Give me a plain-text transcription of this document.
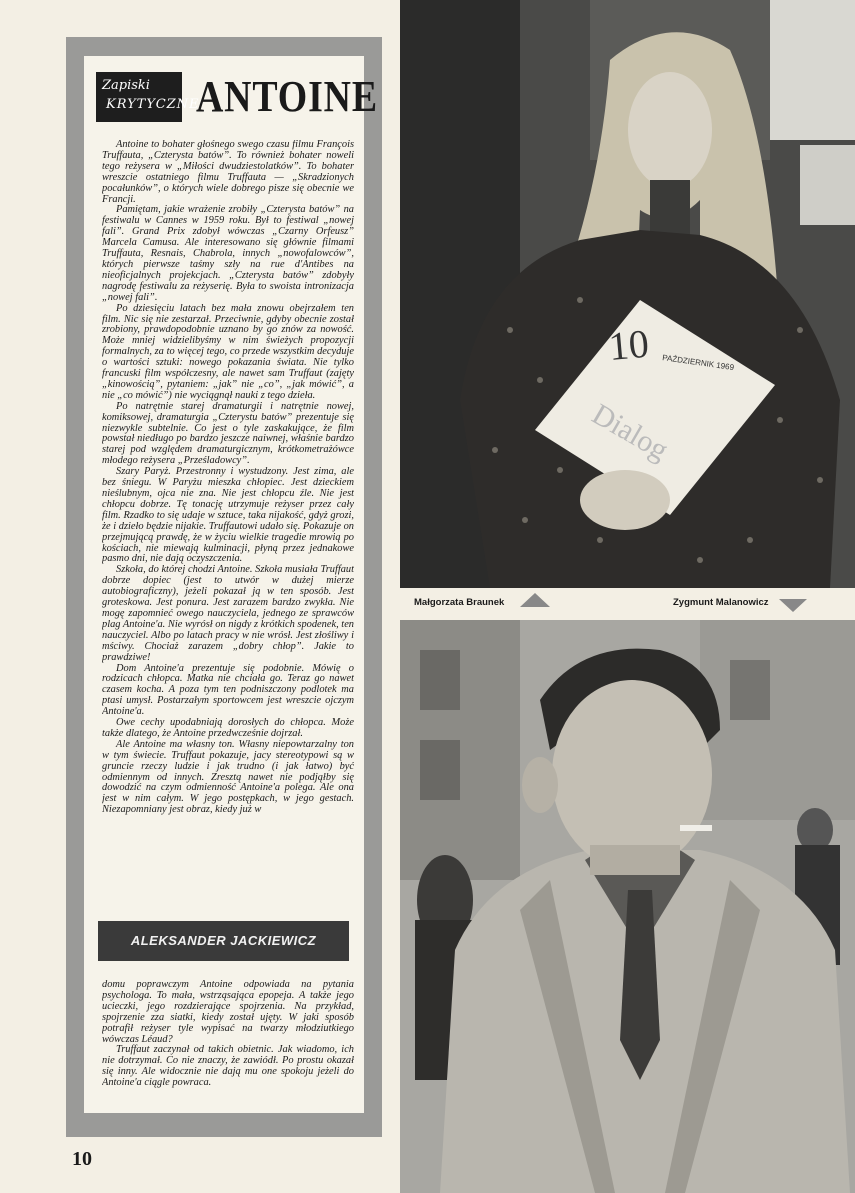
Zapiski
KRYTYCZNE
ANTOINE

Antoine to bohater głośnego swego czasu filmu François Truffauta, „Czterysta batów”. To również bohater noweli tego reżysera w „Miłości dwudziestolatków”. To bohater wreszcie ostatniego filmu Truffauta — „Skradzionych pocałunków”, o których wiele dobrego pisze się obecnie we Francji.

Pamiętam, jakie wrażenie zrobiły „Czterysta batów” na festiwalu w Cannes w 1959 roku. Był to festiwal „nowej fali”. Grand Prix zdobył wówczas „Czarny Orfeusz” Marcela Camusa. Ale interesowano się głównie filmami Truffauta, Resnais, Chabrola, innych „nowofalowców”, których pierwsze taśmy szły na rue d'Antibes na nieoficjalnych projekcjach. „Czterysta batów” zdobyły nagrodę festiwalu za reżyserię. Była to swoista intronizacja „nowej fali”.

Po dziesięciu latach bez mała znowu obejrzałem ten film. Nic się nie zestarzał. Przeciwnie, gdyby obecnie został zrobiony, prawdopodobnie uznano by go znów za nowość. Może mniej widzielibyśmy w nim świeżych propozycji formalnych, za to więcej tego, co przede wszystkim decyduje o wartości sztuki: nowego pokazania świata. Nie tylko francuski film współczesny, ale nawet sam Truffaut (zajęty „kinowością”, pytaniem: „jak” nie „co”, „jak mówić”, a nie „co mówić”) nie wyciągnął nauki z tego dzieła.

Po natrętnie starej dramaturgii i natrętnie nowej, komiksowej, dramaturgia „Czterystu batów” prezentuje się niezwykle subtelnie. Co jest o tyle zaskakujące, że film powstał niedługo po bardzo jeszcze naiwnej, właśnie bardzo starej pod względem dramaturgicznym, krótkometrażówce młodego reżysera „Prześladowcy”.

Szary Paryż. Przestronny i wystudzony. Jest zima, ale bez śniegu. W Paryżu mieszka chłopiec. Jest dzieckiem nieślubnym, ojca nie zna. Nie jest chłopcu źle. Nie jest chłopcu dobrze. Tę tonację utrzymuje reżyser przez cały film. Rzadko to się udaje w sztuce, taka nijakość, gdyż grozi, że i dzieło będzie nijakie. Truffautowi udało się. Pokazuje on przejmującą prawdę, że w życiu wielkie tragedie mrowią po kościach, nie miewają kulminacji, płyną przez jednakowe pasmo dni, nie dają oczyszczenia.

Szkoła, do której chodzi Antoine. Szkoła musiała Truffaut dobrze dopiec (jest to utwór w dużej mierze autobiograficzny), jeżeli pokazał ją w ten sposób. Jest groteskowa. Jest ponura. Jest zarazem bardzo zwykła. Nie mogę zapomnieć owego nauczyciela, jednego ze sprawców plag Antoine'a. Nie wyrósł on nigdy z krótkich spodenek, ten nauczyciel. Albo po latach pracy w nie wrósł. Jest złośliwy i mściwy. Chociaż zarazem „dobry chłop”. Jakie to prawdziwe!

Dom Antoine'a prezentuje się podobnie. Mówię o rodzicach chłopca. Matka nie chciała go. Teraz go nawet czasem kocha. A poza tym ten podniszczony podlotek ma ptasi umysł. Postarzałym sportowcem jest wreszcie ojczym Antoine'a.

Owe cechy upodabniają dorosłych do chłopca. Może także dlatego, że Antoine przedwcześnie dojrzał.

Ale Antoine ma własny ton. Własny niepowtarzalny ton w tym świecie. Truffaut pokazuje, jacy stereotypowi są w gruncie rzeczy ludzie i jak trudno (i jak łatwo) być odmiennym od innych. Zresztą nawet nie podjąłby się dowodzić na czym odmienność Antoine'a polega. Ale ona jest w nim całym. W jego postępkach, w jego gestach. Niezapomniany jest obraz, kiedy już w

ALEKSANDER JACKIEWICZ

domu poprawczym Antoine odpowiada na pytania psychologa. To mała, wstrząsająca epopeja. A także jego ucieczki, jego rozdzierające spojrzenia. Na przykład, spojrzenie zza siatki, kiedy został ujęty. W jaki sposób potrafił reżyser tyle wypisać na twarzy młodziutkiego wówczas Léaud?

Truffaut zaczynał od takich obietnic. Jak wiadomo, ich nie dotrzymał. Co nie znaczy, że zawiódł. Po prostu okazał się inny. Ale widocznie nie dają mu one spokoju jeżeli do Antoine'a ciągle powraca.

10
10 PAŹDZIERNIK 1969
Dialog
Małgorzata Braunek	Zygmunt Malanowicz
